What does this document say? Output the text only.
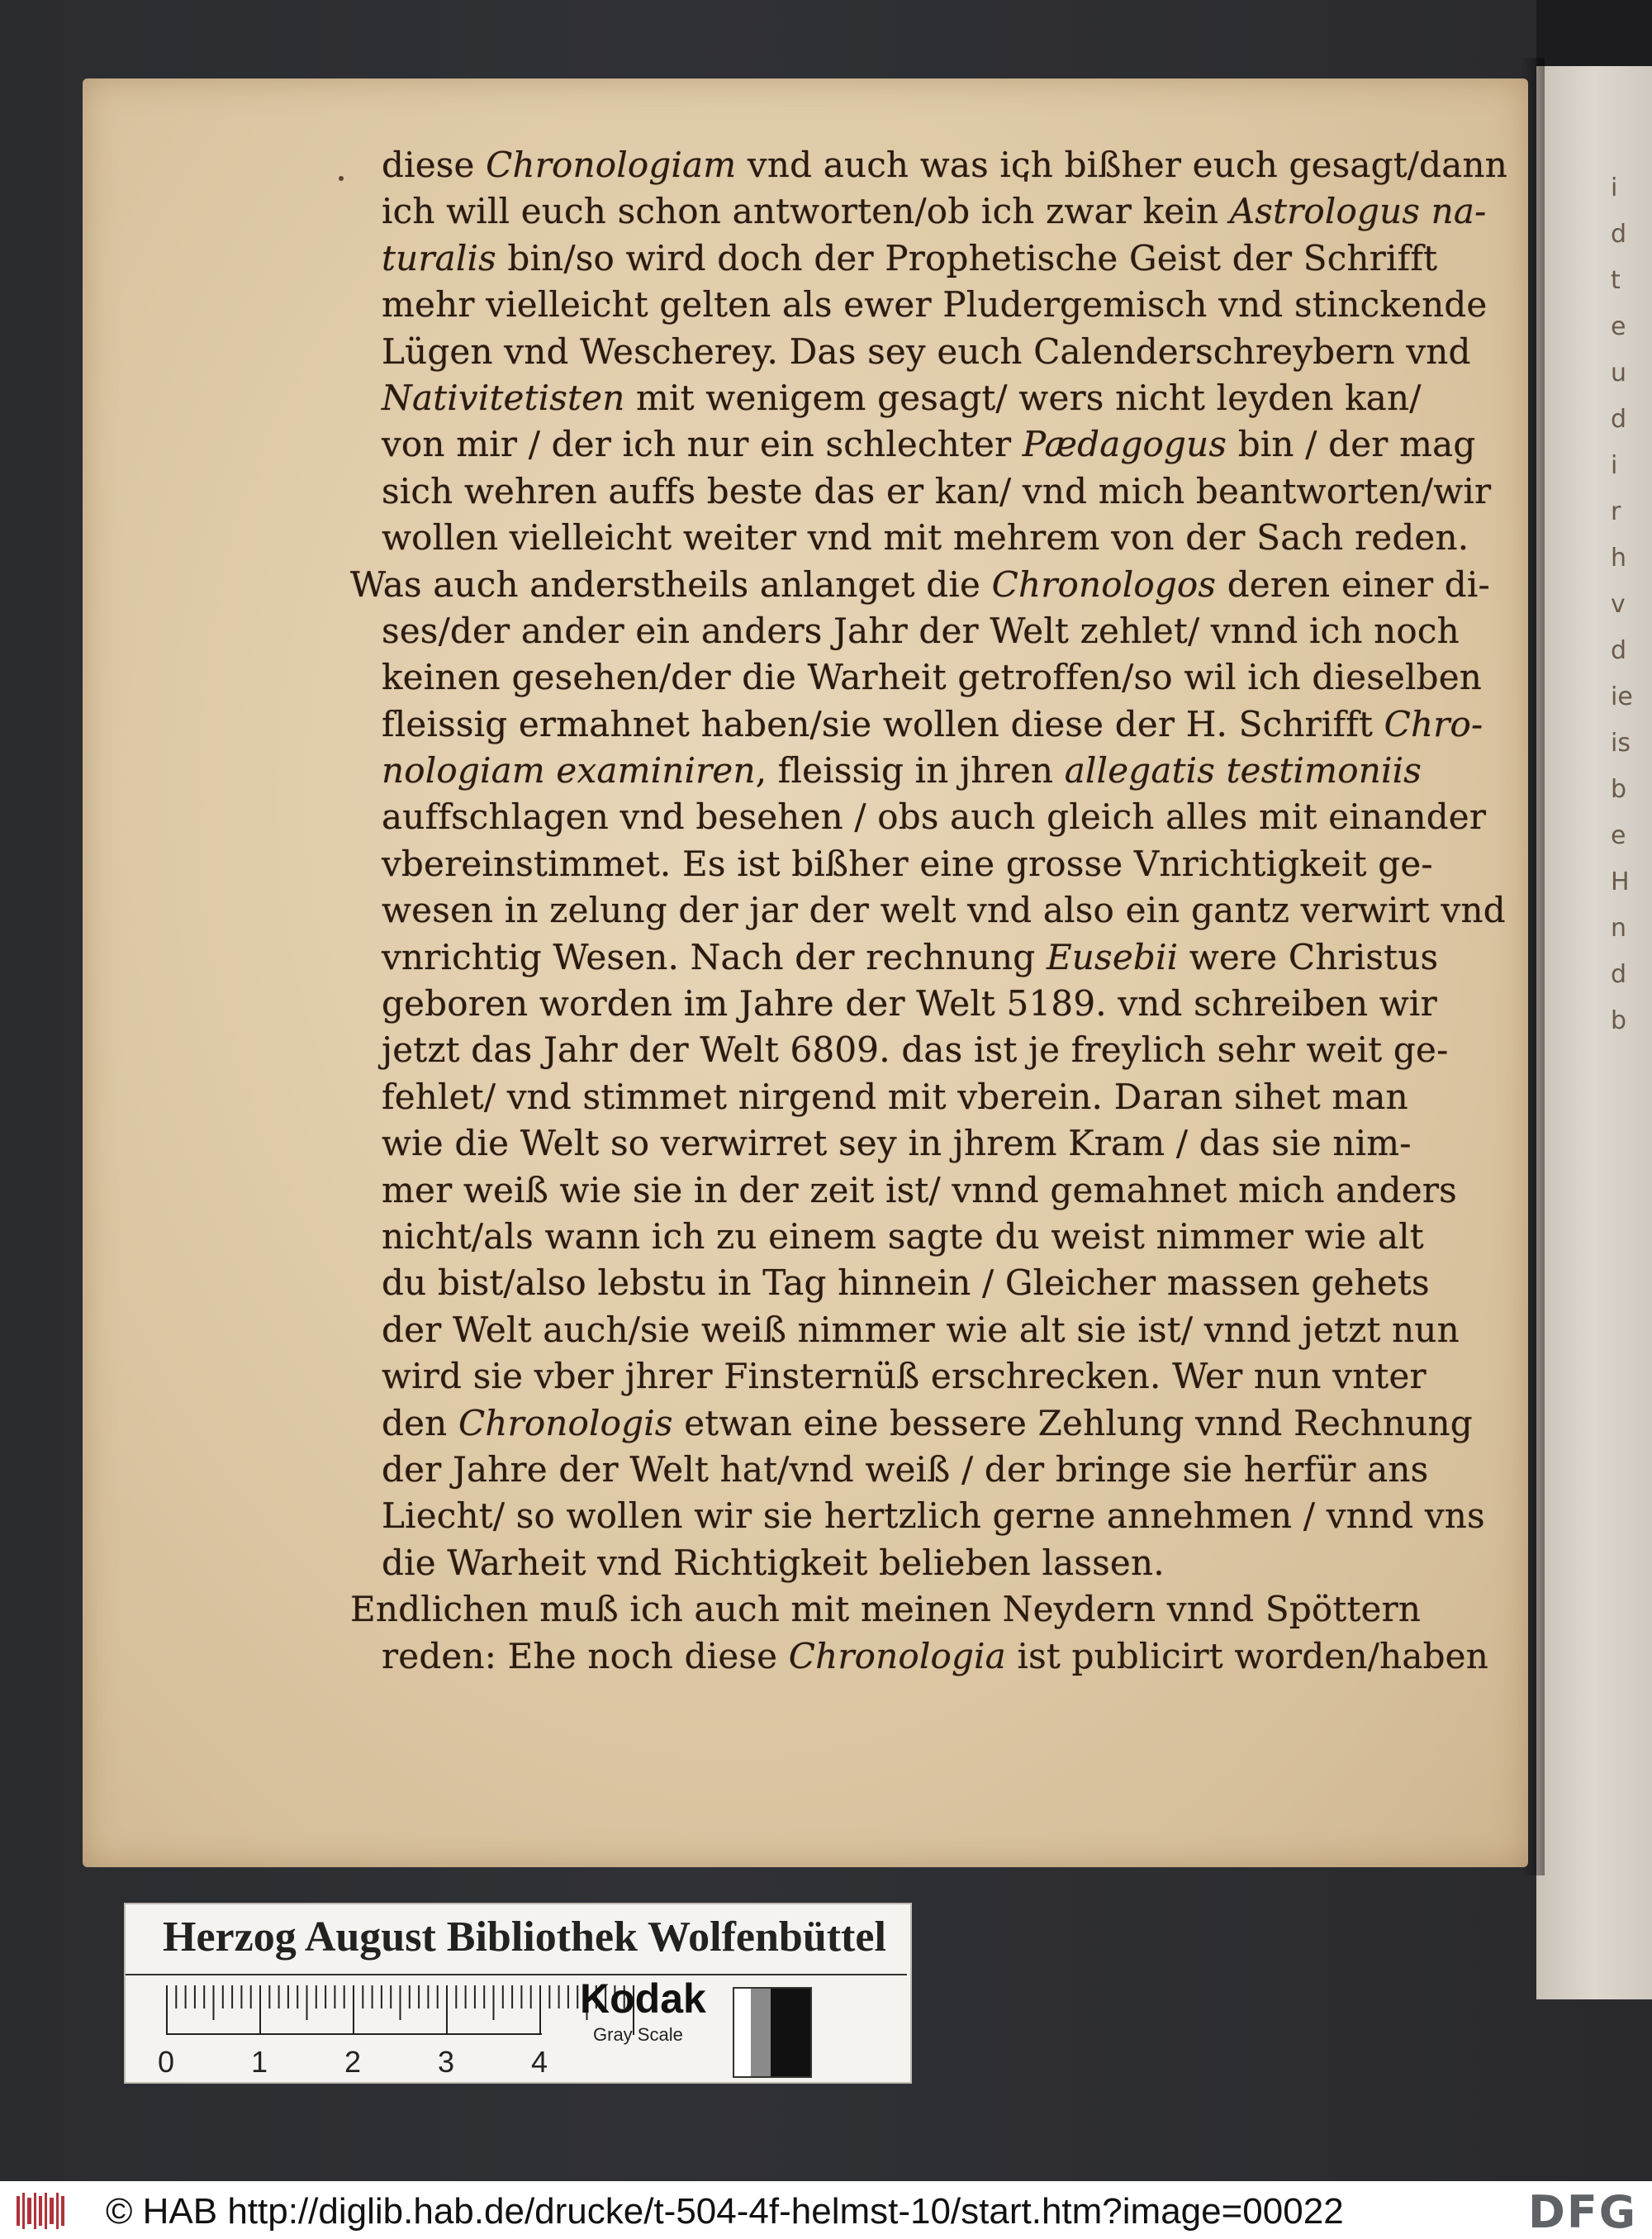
i
d
t
e
u
d
i
r
h
v
d
ie
is
b
e
H
n
d
b

diese Chronologiam vnd auch was ich bißher euch gesagt/dann
ich will euch schon antworten/ob ich zwar kein Astrologus na-
turalis bin/so wird doch der Prophetische Geist der Schrifft
mehr vielleicht gelten als ewer Pludergemisch vnd stinckende
Lügen vnd Wescherey. Das sey euch Calenderschreybern vnd
Nativitetisten mit wenigem gesagt/ wers nicht leyden kan/
von mir / der ich nur ein schlechter Pædagogus bin / der mag
sich wehren auffs beste das er kan/ vnd mich beantworten/wir
wollen vielleicht weiter vnd mit mehrem von der Sach reden.
Was auch anderstheils anlanget die Chronologos deren einer di-
ses/der ander ein anders Jahr der Welt zehlet/ vnnd ich noch
keinen gesehen/der die Warheit getroffen/so wil ich dieselben
fleissig ermahnet haben/sie wollen diese der H. Schrifft Chro-
nologiam examiniren, fleissig in jhren allegatis testimoniis
auffschlagen vnd besehen / obs auch gleich alles mit einander
vbereinstimmet. Es ist bißher eine grosse Vnrichtigkeit ge-
wesen in zelung der jar der welt vnd also ein gantz verwirt vnd
vnrichtig Wesen. Nach der rechnung Eusebii were Christus
geboren worden im Jahre der Welt 5189. vnd schreiben wir
jetzt das Jahr der Welt 6809. das ist je freylich sehr weit ge-
fehlet/ vnd stimmet nirgend mit vberein. Daran sihet man
wie die Welt so verwirret sey in jhrem Kram / das sie nim-
mer weiß wie sie in der zeit ist/ vnnd gemahnet mich anders
nicht/als wann ich zu einem sagte du weist nimmer wie alt
du bist/also lebstu in Tag hinnein / Gleicher massen gehets
der Welt auch/sie weiß nimmer wie alt sie ist/ vnnd jetzt nun
wird sie vber jhrer Finsternüß erschrecken. Wer nun vnter
den Chronologis etwan eine bessere Zehlung vnnd Rechnung
der Jahre der Welt hat/vnd weiß / der bringe sie herfür ans
Liecht/ so wollen wir sie hertzlich gerne annehmen / vnnd vns
die Warheit vnd Richtigkeit belieben lassen.
Endlichen muß ich auch mit meinen Neydern vnnd Spöttern
reden: Ehe noch diese Chronologia ist publicirt worden/haben
Herzog August Bibliothek Wolfenbüttel
0	1	2	3	4
Kodak
Gray Scale
© HAB http://diglib.hab.de/drucke/t-504-4f-helmst-10/start.htm?image=00022	DFG
